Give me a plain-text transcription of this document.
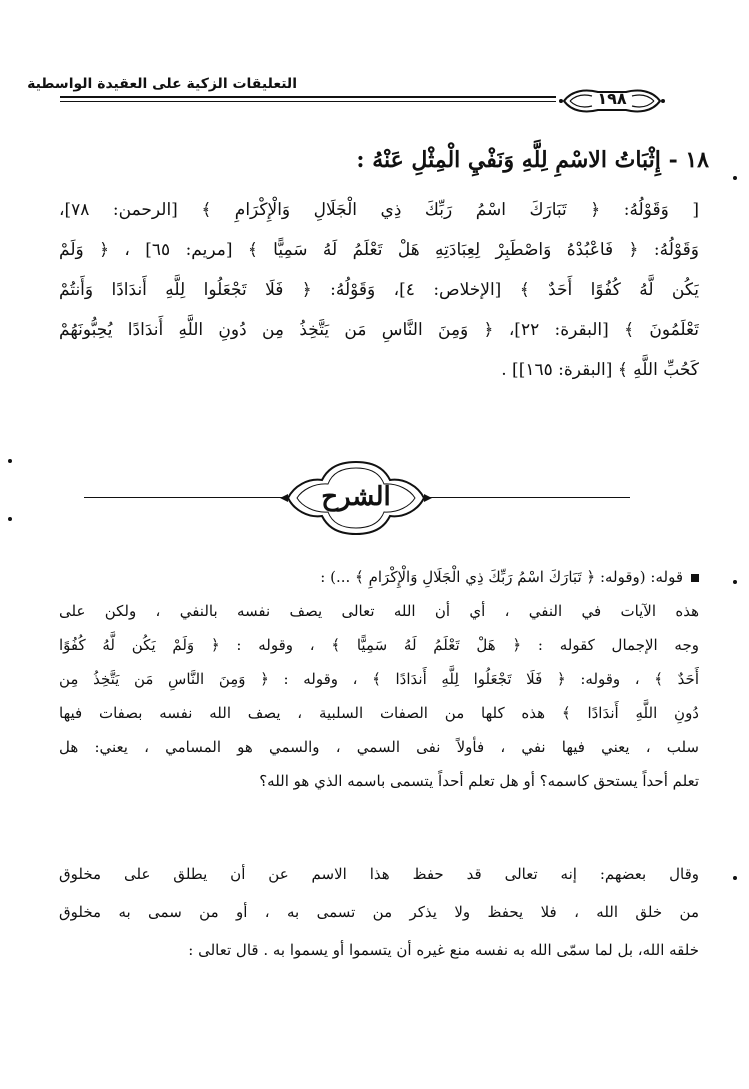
التعليقات الزكية على العقيدة الواسطية
١٩٨
١٨ - إِثْبَاتُ الاسْمِ لِلَّهِ وَنَفْيِ الْمِثْلِ عَنْهُ :
[ وَقَوْلُهُ: ﴿ تَبَارَكَ اسْمُ رَبِّكَ ذِي الْجَلَالِ وَالْإِكْرَامِ ﴾ [الرحمن: ٧٨]،
وَقَوْلُهُ: ﴿ فَاعْبُدْهُ وَاصْطَبِرْ لِعِبَادَتِهِ هَلْ تَعْلَمُ لَهُ سَمِيًّا ﴾ [مريم: ٦٥] ، ﴿ وَلَمْ
يَكُن لَّهُ كُفُوًا أَحَدٌ ﴾ [الإخلاص: ٤]، وَقَوْلُهُ: ﴿ فَلَا تَجْعَلُوا لِلَّهِ أَندَادًا وَأَنتُمْ
تَعْلَمُونَ ﴾ [البقرة: ٢٢]، ﴿ وَمِنَ النَّاسِ مَن يَتَّخِذُ مِن دُونِ اللَّهِ أَندَادًا يُحِبُّونَهُمْ
كَحُبِّ اللَّهِ ﴾ [البقرة: ١٦٥]] .
الشرح
قوله: (وقوله: ﴿ تَبَارَكَ اسْمُ رَبِّكَ ذِي الْجَلَالِ وَالْإِكْرَامِ ﴾ ...) :
هذه الآيات في النفي ، أي أن الله تعالى يصف نفسه بالنفي ، ولكن على
وجه الإجمال كقوله : ﴿ هَلْ تَعْلَمُ لَهُ سَمِيًّا ﴾ ، وقوله : ﴿ وَلَمْ يَكُن لَّهُ كُفُوًا
أَحَدٌ ﴾ ، وقوله: ﴿ فَلَا تَجْعَلُوا لِلَّهِ أَندَادًا ﴾ ، وقوله : ﴿ وَمِنَ النَّاسِ مَن يَتَّخِذُ مِن
دُونِ اللَّهِ أَندَادًا ﴾ هذه كلها من الصفات السلبية ، يصف الله نفسه بصفات فيها
سلب ، يعني فيها نفي ، فأولاً نفى السمي ، والسمي هو المسامي ، يعني: هل
تعلم أحداً يستحق كاسمه؟ أو هل تعلم أحداً يتسمى باسمه الذي هو الله؟
وقال بعضهم: إنه تعالى قد حفظ هذا الاسم عن أن يطلق على مخلوق
من خلق الله ، فلا يحفظ ولا يذكر من تسمى به ، أو من سمى به مخلوق
خلقه الله، بل لما سمّى الله به نفسه منع غيره أن يتسموا أو يسموا به . قال تعالى :
